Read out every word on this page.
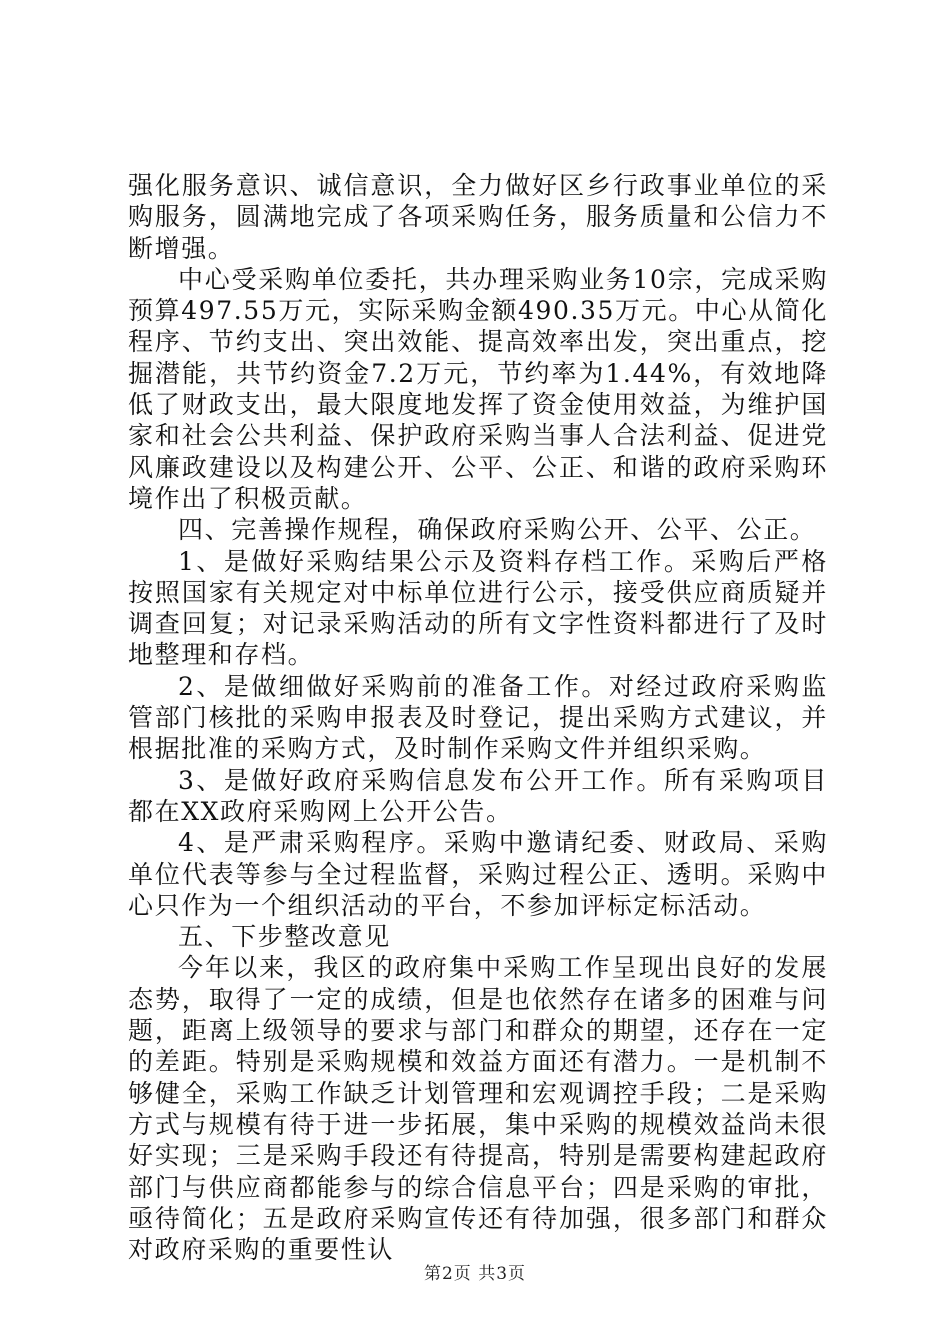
强化服务意识、诚信意识，全力做好区乡行政事业单位的采购服务，圆满地完成了各项采购任务，服务质量和公信力不断增强。

中心受采购单位委托，共办理采购业务10宗，完成采购预算497.55万元，实际采购金额490.35万元。中心从简化程序、节约支出、突出效能、提高效率出发，突出重点，挖掘潜能，共节约资金7.2万元，节约率为1.44%，有效地降低了财政支出，最大限度地发挥了资金使用效益，为维护国家和社会公共利益、保护政府采购当事人合法利益、促进党风廉政建设以及构建公开、公平、公正、和谐的政府采购环境作出了积极贡献。

四、完善操作规程，确保政府采购公开、公平、公正。

1、是做好采购结果公示及资料存档工作。采购后严格按照国家有关规定对中标单位进行公示，接受供应商质疑并调查回复；对记录采购活动的所有文字性资料都进行了及时地整理和存档。

2、是做细做好采购前的准备工作。对经过政府采购监管部门核批的采购申报表及时登记，提出采购方式建议，并根据批准的采购方式，及时制作采购文件并组织采购。

3、是做好政府采购信息发布公开工作。所有采购项目都在XX政府采购网上公开公告。

4、是严肃采购程序。采购中邀请纪委、财政局、采购单位代表等参与全过程监督，采购过程公正、透明。采购中心只作为一个组织活动的平台，不参加评标定标活动。

五、下步整改意见

今年以来，我区的政府集中采购工作呈现出良好的发展态势，取得了一定的成绩，但是也依然存在诸多的困难与问题，距离上级领导的要求与部门和群众的期望，还存在一定的差距。特别是采购规模和效益方面还有潜力。一是机制不够健全，采购工作缺乏计划管理和宏观调控手段；二是采购方式与规模有待于进一步拓展，集中采购的规模效益尚未很好实现；三是采购手段还有待提高，特别是需要构建起政府部门与供应商都能参与的综合信息平台；四是采购的审批，亟待简化；五是政府采购宣传还有待加强，很多部门和群众对政府采购的重要性认

第2页 共3页
